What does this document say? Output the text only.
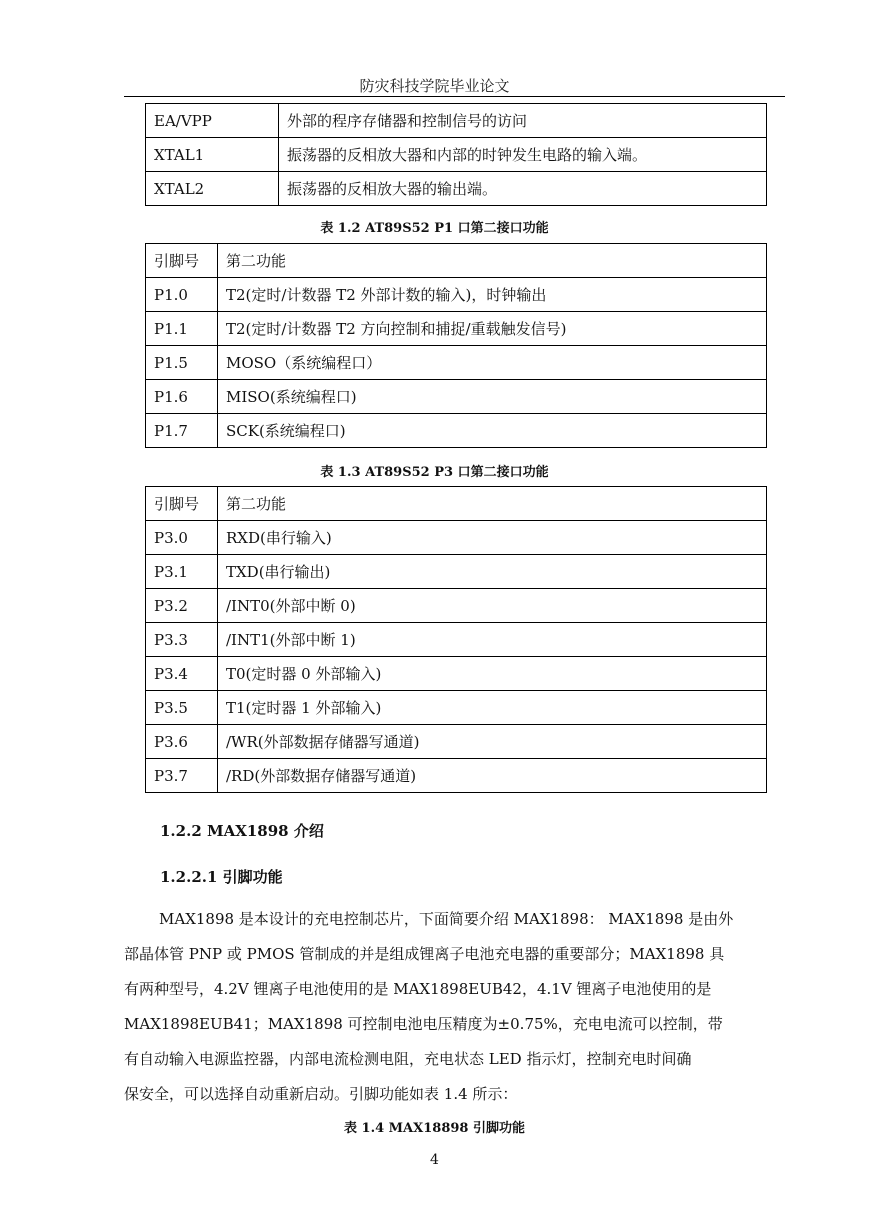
防灾科技学院毕业论文
EA/VPP	外部的程序存储器和控制信号的访问
XTAL1	振荡器的反相放大器和内部的时钟发生电路的输入端。
XTAL2	振荡器的反相放大器的输出端。
表 1.2 AT89S52 P1 口第二接口功能
引脚号	第二功能
P1.0	T2(定时/计数器 T2 外部计数的输入)，时钟输出
P1.1	T2(定时/计数器 T2 方向控制和捕捉/重载触发信号)
P1.5	MOSO（系统编程口）
P1.6	MISO(系统编程口)
P1.7	SCK(系统编程口)
表 1.3 AT89S52 P3 口第二接口功能
引脚号	第二功能
P3.0	RXD(串行输入)
P3.1	TXD(串行输出)
P3.2	/INT0(外部中断 0)
P3.3	/INT1(外部中断 1)
P3.4	T0(定时器 0 外部输入)
P3.5	T1(定时器 1 外部输入)
P3.6	/WR(外部数据存储器写通道)
P3.7	/RD(外部数据存储器写通道)
1.2.2 MAX1898 介绍
1.2.2.1 引脚功能
MAX1898 是本设计的充电控制芯片，下面简要介绍 MAX1898： MAX1898 是由外
部晶体管 PNP 或 PMOS 管制成的并是组成锂离子电池充电器的重要部分；MAX1898 具
有两种型号，4.2V 锂离子电池使用的是 MAX1898EUB42，4.1V 锂离子电池使用的是
MAX1898EUB41；MAX1898 可控制电池电压精度为±0.75%，充电电流可以控制，带
有自动输入电源监控器，内部电流检测电阻，充电状态 LED 指示灯，控制充电时间确
保安全，可以选择自动重新启动。引脚功能如表 1.4 所示：
表 1.4 MAX18898 引脚功能
4
